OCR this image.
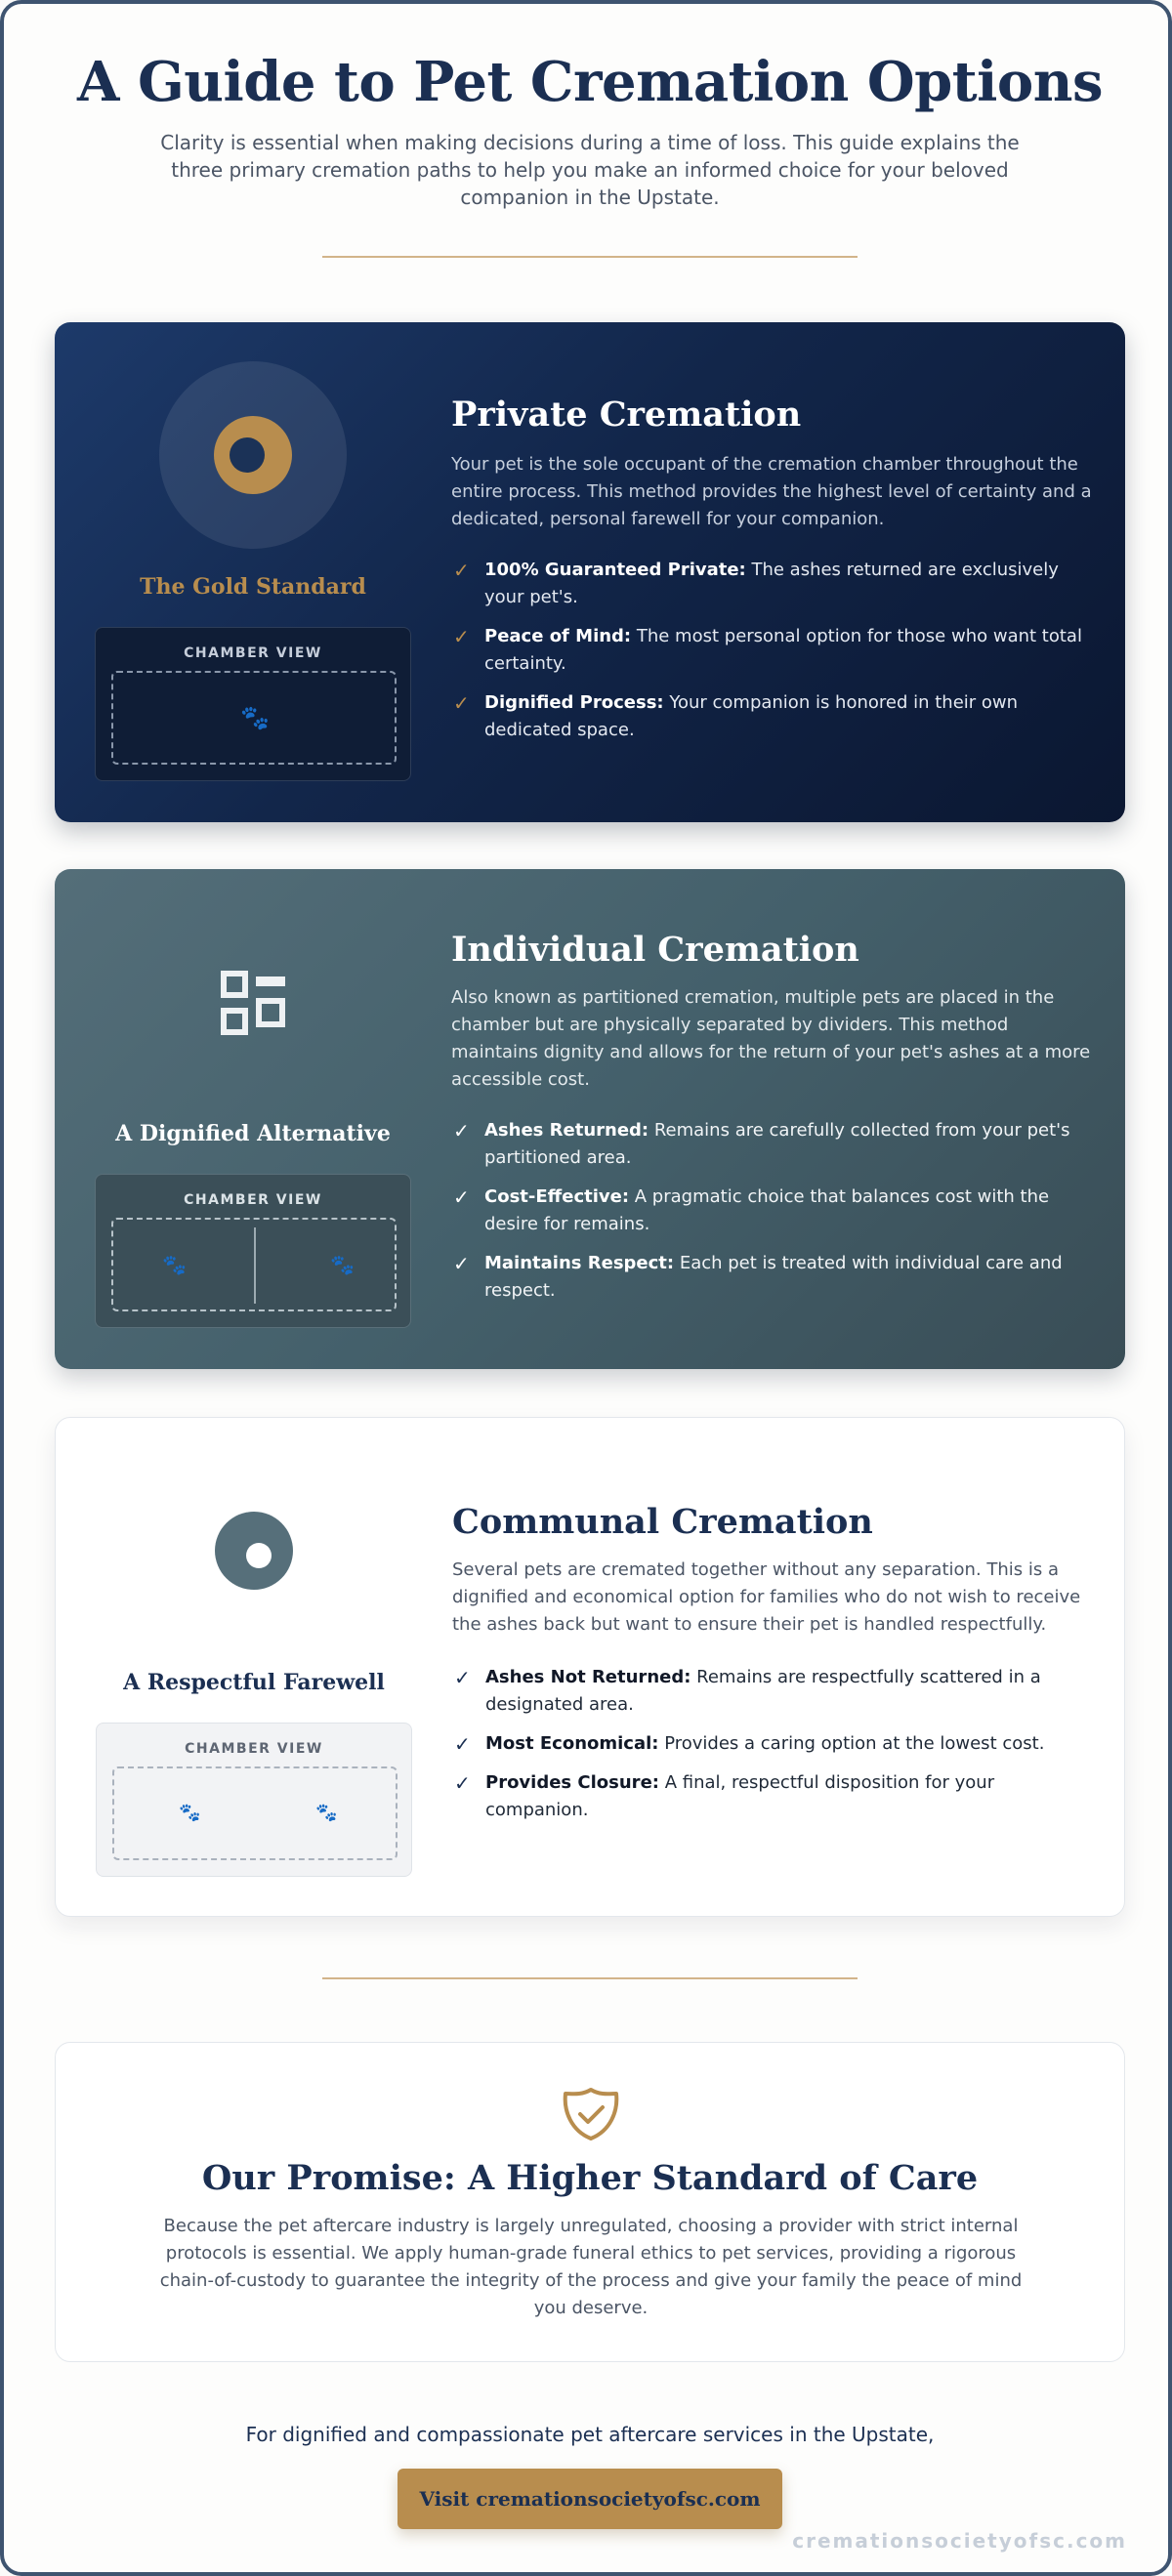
A Guide to Pet Cremation Options

Clarity is essential when making decisions during a time of loss. This guide explains the three primary cremation paths to help you make an informed choice for your beloved companion in the Upstate.

The Gold Standard
CHAMBER VIEW
🐾
Private Cremation
Your pet is the sole occupant of the cremation chamber throughout the entire process. This method provides the highest level of certainty and a dedicated, personal farewell for your companion.
✓ 100% Guaranteed Private: The ashes returned are exclusively your pet's.
✓ Peace of Mind: The most personal option for those who want total certainty.
✓ Dignified Process: Your companion is honored in their own dedicated space.
A Dignified Alternative
CHAMBER VIEW
🐾	🐾
Individual Cremation
Also known as partitioned cremation, multiple pets are placed in the chamber but are physically separated by dividers. This method maintains dignity and allows for the return of your pet's ashes at a more accessible cost.
✓ Ashes Returned: Remains are carefully collected from your pet's partitioned area.
✓ Cost-Effective: A pragmatic choice that balances cost with the desire for remains.
✓ Maintains Respect: Each pet is treated with individual care and respect.
A Respectful Farewell
CHAMBER VIEW
🐾	🐾
Communal Cremation
Several pets are cremated together without any separation. This is a dignified and economical option for families who do not wish to receive the ashes back but want to ensure their pet is handled respectfully.
✓ Ashes Not Returned: Remains are respectfully scattered in a designated area.
✓ Most Economical: Provides a caring option at the lowest cost.
✓ Provides Closure: A final, respectful disposition for your companion.
Our Promise: A Higher Standard of Care

Because the pet aftercare industry is largely unregulated, choosing a provider with strict internal protocols is essential. We apply human-grade funeral ethics to pet services, providing a rigorous chain-of-custody to guarantee the integrity of the process and give your family the peace of mind you deserve.

For dignified and compassionate pet aftercare services in the Upstate,
Visit cremationsocietyofsc.com
cremationsocietyofsc.com
